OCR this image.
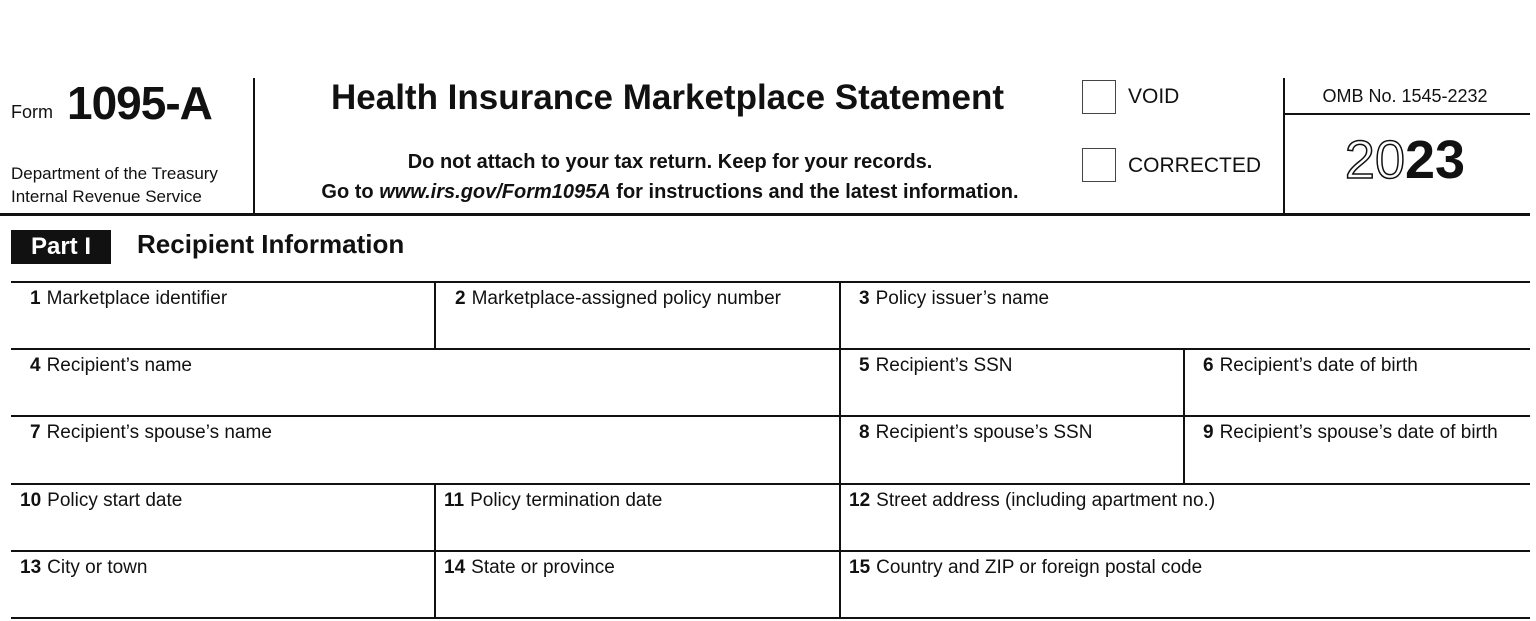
Form 1095-A
Department of the Treasury
Internal Revenue Service
Health Insurance Marketplace Statement
Do not attach to your tax return. Keep for your records.
Go to www.irs.gov/Form1095A for instructions and the latest information.
VOID
CORRECTED
OMB No. 1545-2232
2023
Part I	Recipient Information
1 Marketplace identifier	2 Marketplace-assigned policy number	3 Policy issuer’s name
4 Recipient’s name	5 Recipient’s SSN	6 Recipient’s date of birth
7 Recipient’s spouse’s name	8 Recipient’s spouse’s SSN	9 Recipient’s spouse’s date of birth
10 Policy start date	11 Policy termination date	12 Street address (including apartment no.)
13 City or town	14 State or province	15 Country and ZIP or foreign postal code
